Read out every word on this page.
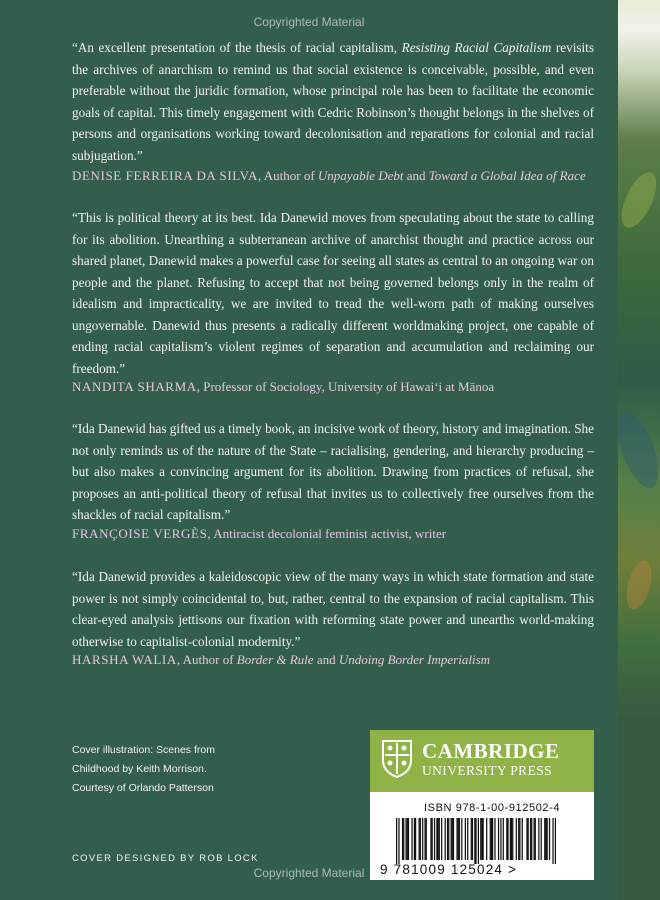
Copyrighted Material

“An excellent presentation of the thesis of racial capitalism, Resisting Racial Capitalism revisits the archives of anarchism to remind us that social existence is conceivable, possible, and even preferable without the juridic formation, whose principal role has been to facilitate the economic goals of capital. This timely engagement with Cedric Robinson’s thought belongs in the shelves of persons and organisations working toward decolonisation and reparations for colonial and racial subjugation.”

DENISE FERREIRA DA SILVA, Author of Unpayable Debt and Toward a Global Idea of Race

“This is political theory at its best. Ida Danewid moves from speculating about the state to calling for its abolition. Unearthing a subterranean archive of anarchist thought and practice across our shared planet, Danewid makes a powerful case for seeing all states as central to an ongoing war on people and the planet. Refusing to accept that not being governed belongs only in the realm of idealism and impracticality, we are invited to tread the well-worn path of making ourselves ungovernable. Danewid thus presents a radically different worldmaking project, one capable of ending racial capitalism’s violent regimes of separation and accumulation and reclaiming our freedom.”

NANDITA SHARMA, Professor of Sociology, University of Hawai‘i at Mānoa

“Ida Danewid has gifted us a timely book, an incisive work of theory, history and imagination. She not only reminds us of the nature of the State – racialising, gendering, and hierarchy producing – but also makes a convincing argument for its abolition. Drawing from practices of refusal, she proposes an anti-political theory of refusal that invites us to collectively free ourselves from the shackles of racial capitalism.”

FRANÇOISE VERGÈS, Antiracist decolonial feminist activist, writer

“Ida Danewid provides a kaleidoscopic view of the many ways in which state formation and state power is not simply coincidental to, but, rather, central to the expansion of racial capitalism. This clear-eyed analysis jettisons our fixation with reforming state power and unearths world-making otherwise to capitalist-colonial modernity.”

HARSHA WALIA, Author of Border & Rule and Undoing Border Imperialism

Cover illustration: Scenes from
Childhood by Keith Morrison.
Courtesy of Orlando Patterson
COVER DESIGNED BY ROB LOCK
CAMBRIDGE
UNIVERSITY PRESS
ISBN 978-1-00-912502-4
9 781009 125024 >
Copyrighted Material
